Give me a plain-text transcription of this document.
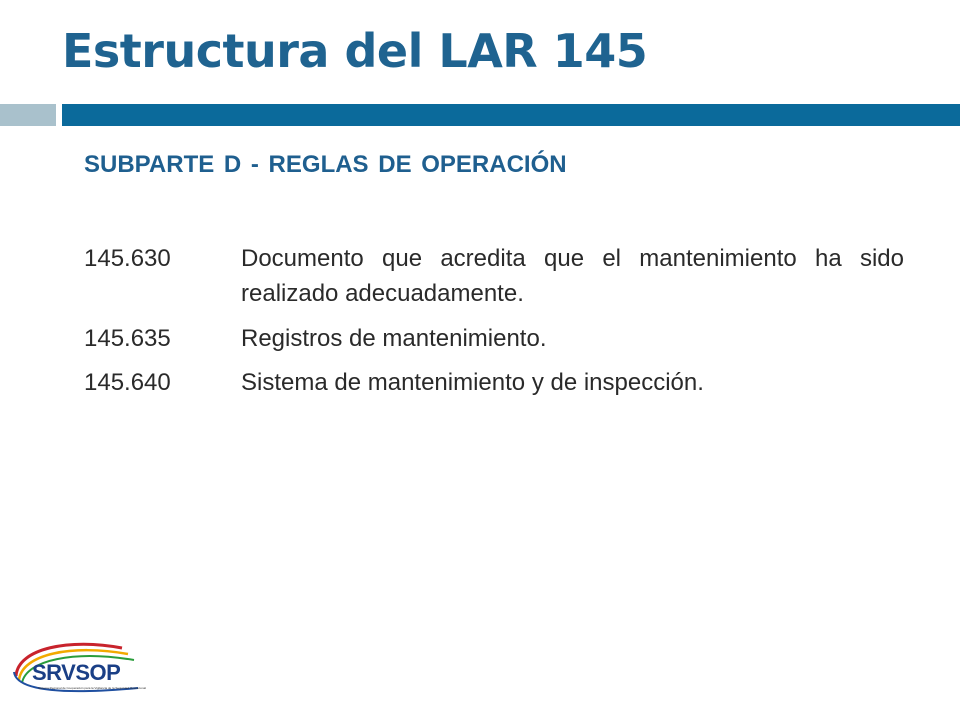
Estructura del LAR 145
SUBPARTE D - REGLAS DE OPERACIÓN
145.630	Documento que acredita que el mantenimiento ha sido realizado adecuadamente.
145.635	Registros de mantenimiento.
145.640	Sistema de mantenimiento y de inspección.
SRVSOP
Sistema Regional de Cooperación para la Vigilancia de la Seguridad Operacional
